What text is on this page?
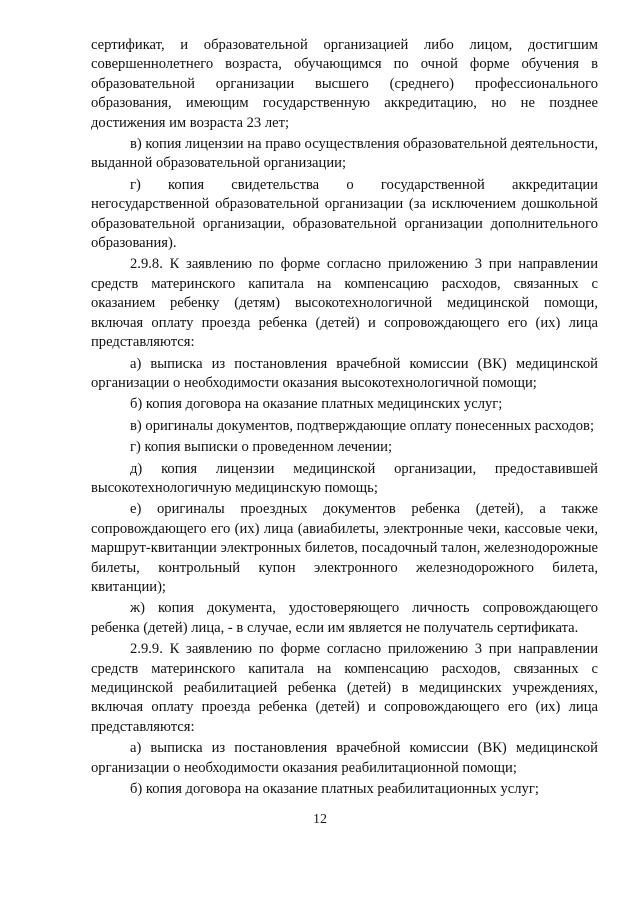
сертификат, и образовательной организацией либо лицом, достигшим совершеннолетнего возраста, обучающимся по очной форме обучения в образовательной организации высшего (среднего) профессионального образования, имеющим государственную аккредитацию, но не позднее достижения им возраста 23 лет;

в) копия лицензии на право осуществления образовательной деятельности, выданной образовательной организации;

г) копия свидетельства о государственной аккредитации негосударственной образовательной организации (за исключением дошкольной образовательной организации, образовательной организации дополнительного образования).

2.9.8. К заявлению по форме согласно приложению 3 при направлении средств материнского капитала на компенсацию расходов, связанных с оказанием ребенку (детям) высокотехнологичной медицинской помощи, включая оплату проезда ребенка (детей) и сопровождающего его (их) лица представляются:

а) выписка из постановления врачебной комиссии (ВК) медицинской организации о необходимости оказания высокотехнологичной помощи;

б) копия договора на оказание платных медицинских услуг;

в) оригиналы документов, подтверждающие оплату понесенных расходов;

г) копия выписки о проведенном лечении;

д) копия лицензии медицинской организации, предоставившей высокотехнологичную медицинскую помощь;

е) оригиналы проездных документов ребенка (детей), а также сопровождающего его (их) лица (авиабилеты, электронные чеки, кассовые чеки, маршрут-квитанции электронных билетов, посадочный талон, железнодорожные билеты, контрольный купон электронного железнодорожного билета, квитанции);

ж) копия документа, удостоверяющего личность сопровождающего ребенка (детей) лица, - в случае, если им является не получатель сертификата.

2.9.9. К заявлению по форме согласно приложению 3 при направлении средств материнского капитала на компенсацию расходов, связанных с медицинской реабилитацией ребенка (детей) в медицинских учреждениях, включая оплату проезда ребенка (детей) и сопровождающего его (их) лица представляются:

а) выписка из постановления врачебной комиссии (ВК) медицинской организации о необходимости оказания реабилитационной помощи;

б) копия договора на оказание платных реабилитационных услуг;

12
